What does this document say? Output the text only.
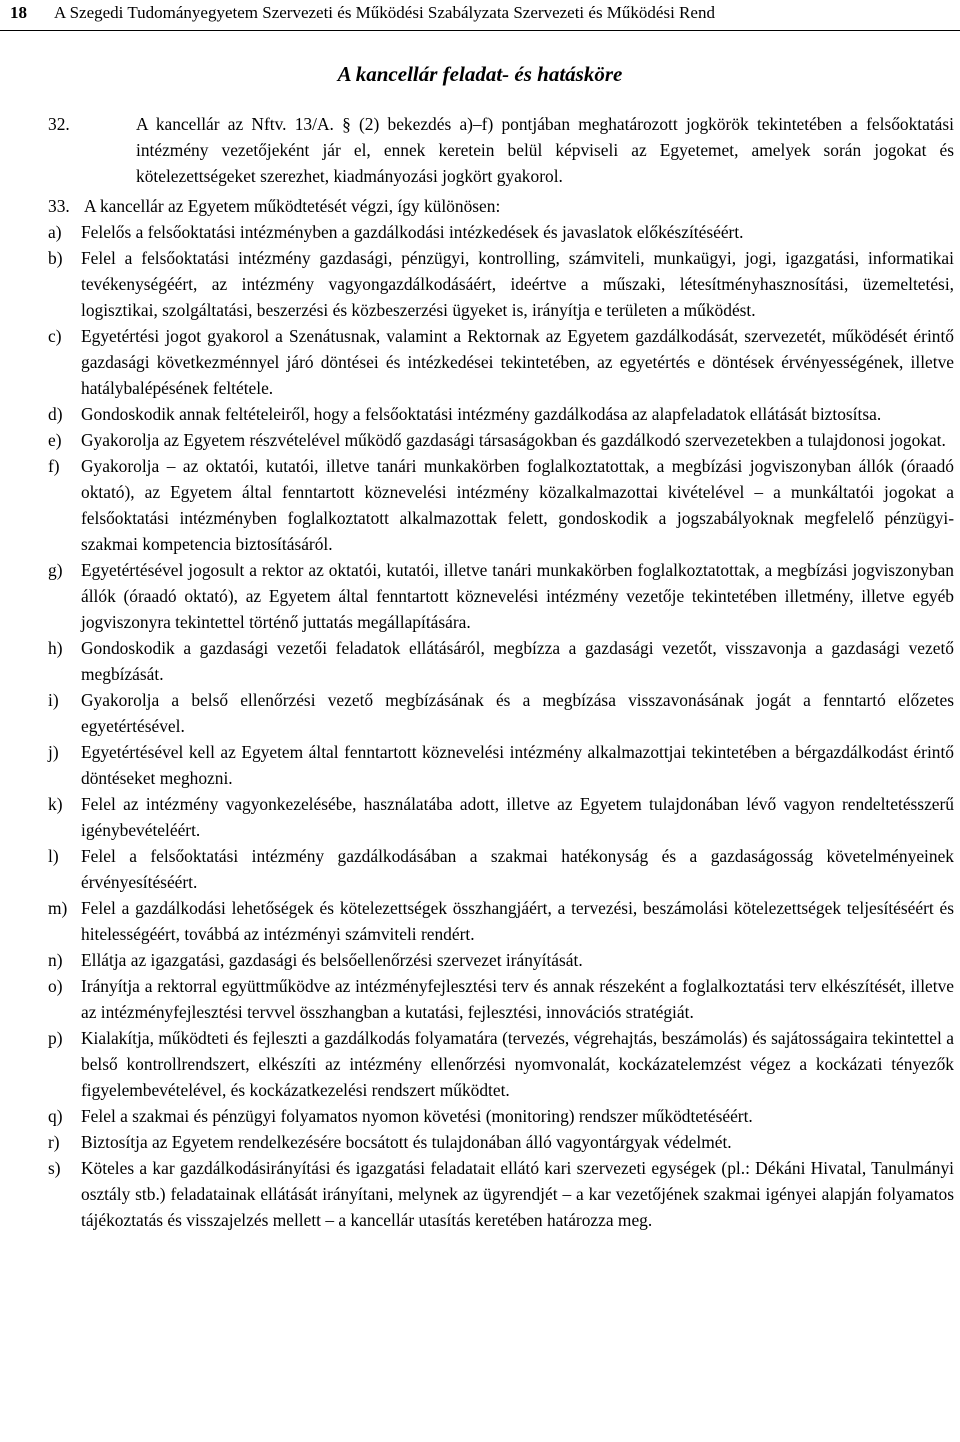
18 A Szegedi Tudományegyetem Szervezeti és Működési Szabályzata Szervezeti és Működési Rend
A kancellár feladat- és hatásköre
32.	A kancellár az Nftv. 13/A. § (2) bekezdés a)–f) pontjában meghatározott jogkörök tekintetében a felsőoktatási intézmény vezetőjeként jár el, ennek keretein belül képviseli az Egyetemet, amelyek során jogokat és kötelezettségeket szerezhet, kiadmányozási jogkört gyakorol.
33. A kancellár az Egyetem működtetését végzi, így különösen:
a)	Felelős a felsőoktatási intézményben a gazdálkodási intézkedések és javaslatok előkészítéséért.
b)	Felel a felsőoktatási intézmény gazdasági, pénzügyi, kontrolling, számviteli, munkaügyi, jogi, igazgatási, informatikai tevékenységéért, az intézmény vagyongazdálkodásáért, ideértve a műszaki, létesítményhasznosítási, üzemeltetési, logisztikai, szolgáltatási, beszerzési és közbeszerzési ügyeket is, irányítja e területen a működést.
c)	Egyetértési jogot gyakorol a Szenátusnak, valamint a Rektornak az Egyetem gazdálkodását, szervezetét, működését érintő gazdasági következménnyel járó döntései és intézkedései tekintetében, az egyetértés e döntések érvényességének, illetve hatálybalépésének feltétele.
d)	Gondoskodik annak feltételeiről, hogy a felsőoktatási intézmény gazdálkodása az alapfeladatok ellátását biztosítsa.
e)	Gyakorolja az Egyetem részvételével működő gazdasági társaságokban és gazdálkodó szervezetekben a tulajdonosi jogokat.
f)	Gyakorolja – az oktatói, kutatói, illetve tanári munkakörben foglalkoztatottak, a megbízási jogviszonyban állók (óraadó oktató), az Egyetem által fenntartott köznevelési intézmény közalkalmazottai kivételével – a munkáltatói jogokat a felsőoktatási intézményben foglalkoztatott alkalmazottak felett, gondoskodik a jogszabályoknak megfelelő pénzügyi-szakmai kompetencia biztosításáról.
g)	Egyetértésével jogosult a rektor az oktatói, kutatói, illetve tanári munkakörben foglalkoztatottak, a megbízási jogviszonyban állók (óraadó oktató), az Egyetem által fenntartott köznevelési intézmény vezetője tekintetében illetmény, illetve egyéb jogviszonyra tekintettel történő juttatás megállapítására.
h)	Gondoskodik a gazdasági vezetői feladatok ellátásáról, megbízza a gazdasági vezetőt, visszavonja a gazdasági vezető megbízását.
i)	Gyakorolja a belső ellenőrzési vezető megbízásának és a megbízása visszavonásának jogát a fenntartó előzetes egyetértésével.
j)	Egyetértésével kell az Egyetem által fenntartott köznevelési intézmény alkalmazottjai tekintetében a bérgazdálkodást érintő döntéseket meghozni.
k)	Felel az intézmény vagyonkezelésébe, használatába adott, illetve az Egyetem tulajdonában lévő vagyon rendeltetésszerű igénybevételéért.
l)	Felel a felsőoktatási intézmény gazdálkodásában a szakmai hatékonyság és a gazdaságosság követelményeinek érvényesítéséért.
m) Felel a gazdálkodási lehetőségek és kötelezettségek összhangjáért, a tervezési, beszámolási kötelezettségek teljesítéséért és hitelességéért, továbbá az intézményi számviteli rendért.
n)	Ellátja az igazgatási, gazdasági és belsőellenőrzési szervezet irányítását.
o)	Irányítja a rektorral együttműködve az intézményfejlesztési terv és annak részeként a foglalkoztatási terv elkészítését, illetve az intézményfejlesztési tervvel összhangban a kutatási, fejlesztési, innovációs stratégiát.
p)	Kialakítja, működteti és fejleszti a gazdálkodás folyamatára (tervezés, végrehajtás, beszámolás) és sajátosságaira tekintettel a belső kontrollrendszert, elkészíti az intézmény ellenőrzési nyomvonalát, kockázatelemzést végez a kockázati tényezők figyelembevételével, és kockázatkezelési rendszert működtet.
q)	Felel a szakmai és pénzügyi folyamatos nyomon követési (monitoring) rendszer működtetéséért.
r)	Biztosítja az Egyetem rendelkezésére bocsátott és tulajdonában álló vagyontárgyak védelmét.
s)	Köteles a kar gazdálkodásirányítási és igazgatási feladatait ellátó kari szervezeti egységek (pl.: Dékáni Hivatal, Tanulmányi osztály stb.) feladatainak ellátását irányítani, melynek az ügyrendjét – a kar vezetőjének szakmai igényei alapján folyamatos tájékoztatás és visszajelzés mellett – a kancellár utasítás keretében határozza meg.
